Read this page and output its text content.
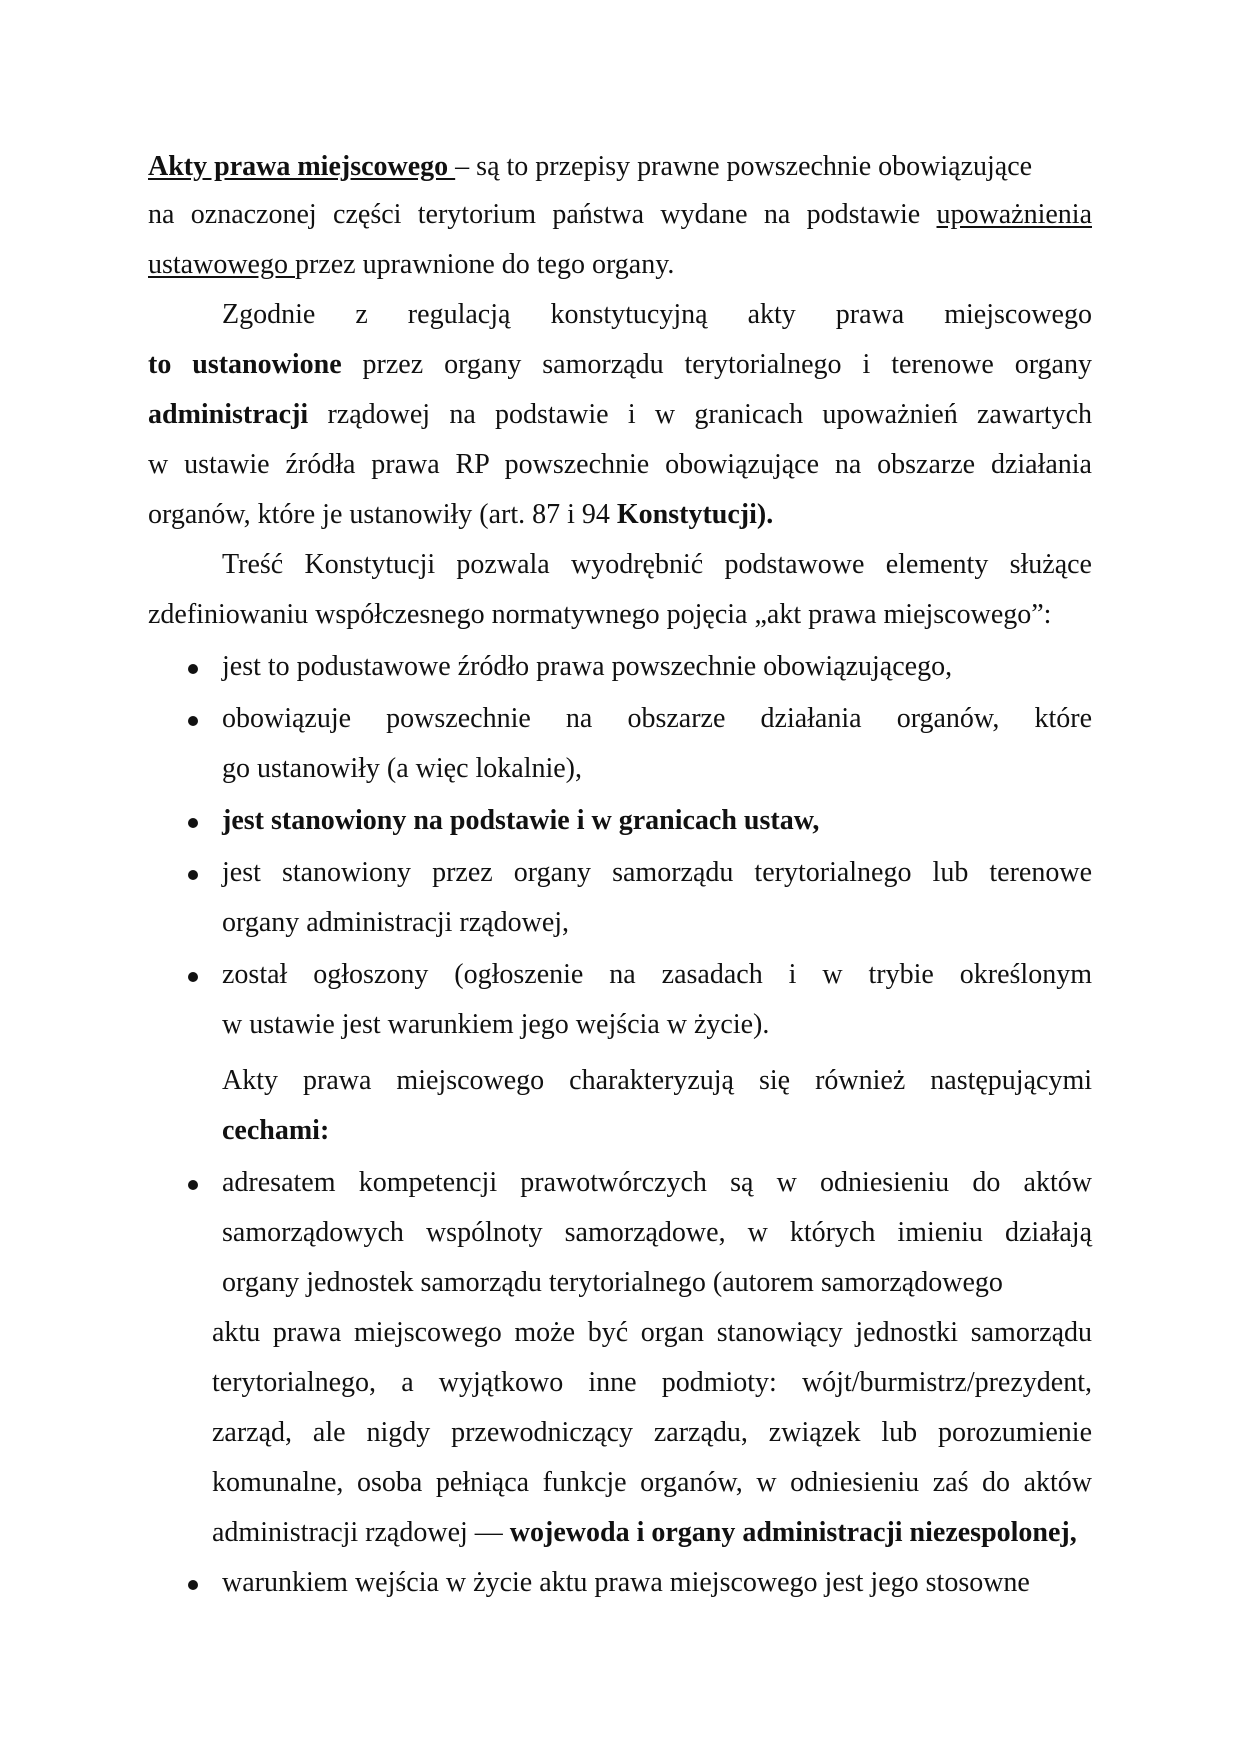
Akty prawa miejscowego – są to przepisy prawne powszechnie obowiązujące
na oznaczonej części terytorium państwa wydane na podstawie upoważnienia
ustawowego przez uprawnione do tego organy.
Zgodnie z regulacją konstytucyjną akty prawa miejscowego
to ustanowione przez organy samorządu terytorialnego i terenowe organy
administracji rządowej na podstawie i w granicach upoważnień zawartych
w ustawie źródła prawa RP powszechnie obowiązujące na obszarze działania
organów, które je ustanowiły (art. 87 i 94 Konstytucji).
Treść Konstytucji pozwala wyodrębnić podstawowe elementy służące
zdefiniowaniu współczesnego normatywnego pojęcia „akt prawa miejscowego”:
jest to podustawowe źródło prawa powszechnie obowiązującego,
obowiązuje powszechnie na obszarze działania organów, które
go ustanowiły (a więc lokalnie),
jest stanowiony na podstawie i w granicach ustaw,
jest stanowiony przez organy samorządu terytorialnego lub terenowe
organy administracji rządowej,
został ogłoszony (ogłoszenie na zasadach i w trybie określonym
w ustawie jest warunkiem jego wejścia w życie).
Akty prawa miejscowego charakteryzują się również następującymi
cechami:
adresatem kompetencji prawotwórczych są w odniesieniu do aktów
samorządowych wspólnoty samorządowe, w których imieniu działają
organy jednostek samorządu terytorialnego (autorem samorządowego
aktu prawa miejscowego może być organ stanowiący jednostki samorządu
terytorialnego, a wyjątkowo inne podmioty: wójt/burmistrz/prezydent,
zarząd, ale nigdy przewodniczący zarządu, związek lub porozumienie
komunalne, osoba pełniąca funkcje organów, w odniesieniu zaś do aktów
administracji rządowej — wojewoda i organy administracji niezespolonej,
warunkiem wejścia w życie aktu prawa miejscowego jest jego stosowne
